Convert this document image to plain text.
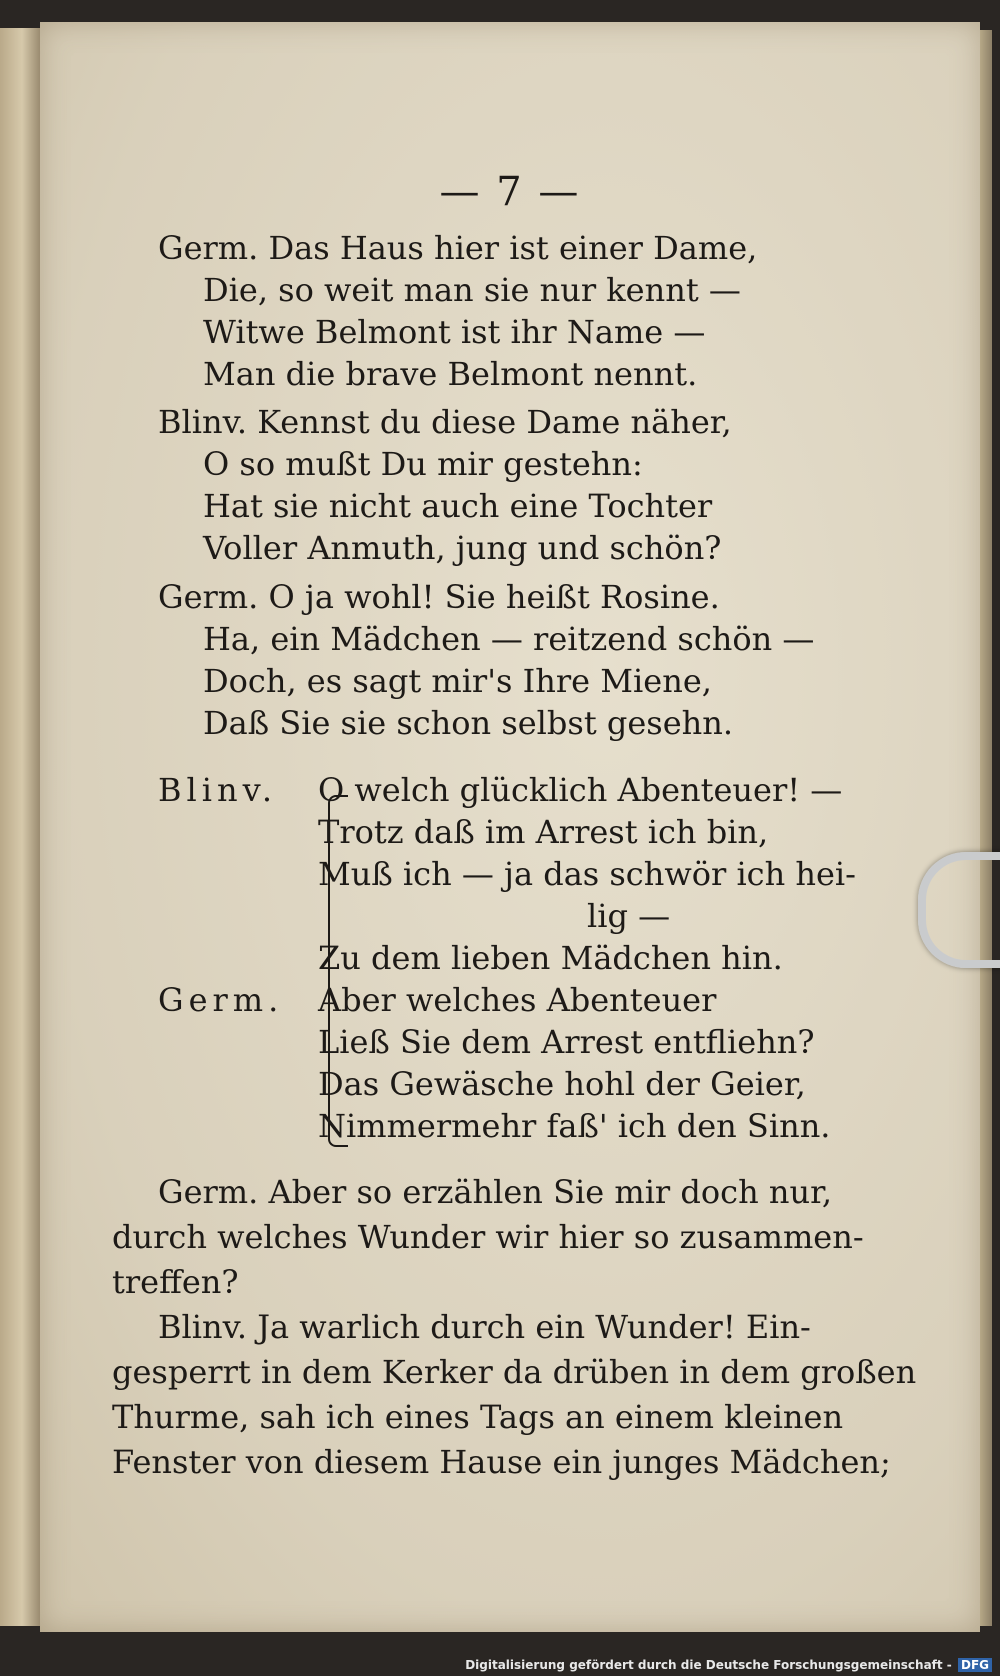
— 7 —
Germ. Das Haus hier ist einer Dame,
Die, so weit man sie nur kennt —
Witwe Belmont ist ihr Name —
Man die brave Belmont nennt.
Blinv. Kennst du diese Dame näher,
O so mußt Du mir gestehn:
Hat sie nicht auch eine Tochter
Voller Anmuth, jung und schön?
Germ. O ja wohl! Sie heißt Rosine.
Ha, ein Mädchen — reitzend schön —
Doch, es sagt mir's Ihre Miene,
Daß Sie sie schon selbst gesehn.
Blinv. O welch glücklich Abenteuer! —
Trotz daß im Arrest ich bin,
Muß ich — ja das schwör ich hei-
lig —
Zu dem lieben Mädchen hin.
Germ. Aber welches Abenteuer
Ließ Sie dem Arrest entfliehn?
Das Gewäsche hohl der Geier,
Nimmermehr faß' ich den Sinn.
Germ. Aber so erzählen Sie mir doch nur,
durch welches Wunder wir hier so zusammen-
treffen?
Blinv. Ja warlich durch ein Wunder! Ein-
gesperrt in dem Kerker da drüben in dem großen
Thurme, sah ich eines Tags an einem kleinen
Fenster von diesem Hause ein junges Mädchen;
Digitalisierung gefördert durch die Deutsche Forschungsgemeinschaft - DFG
